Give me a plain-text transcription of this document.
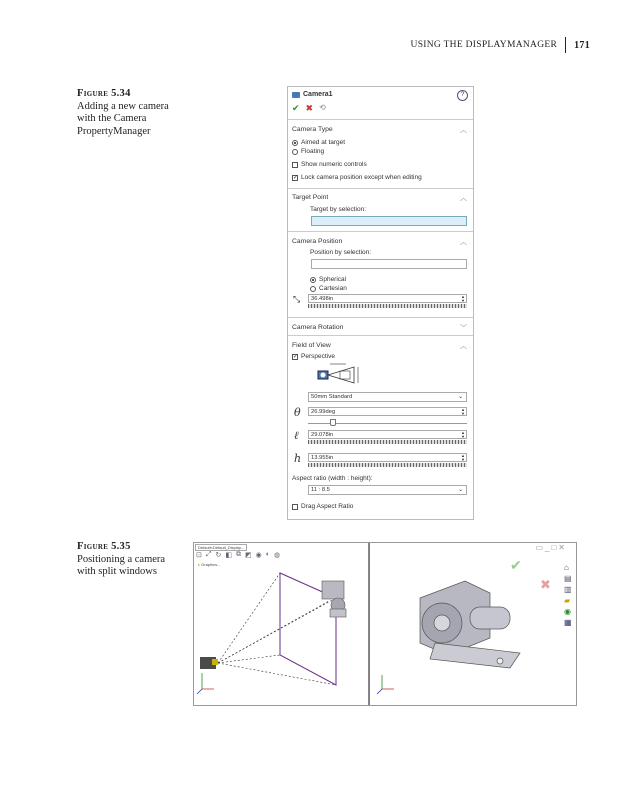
USING THE DISPLAYMANAGER 171
Figure 5.34
Adding a new camera with the Camera PropertyManager
Camera1	?
✔ ✖ ⟲
Camera Type	︿
Aimed at target
Floating
Show numeric controls
✓ Lock camera position except when editing
Target Point	︿
Target by selection:
Camera Position	︿
Position by selection:
Spherical
Cartesian
⤡	36.498in	▲
▼
Camera Rotation	﹀
Field of View	︿
✓ Perspective
50mm Standard	⌄
θ	26.99deg	▲
▼
ℓ	29.078in	▲
▼
h	13.955in	▲
▼
Aspect ratio (width : height):
11 : 8.5	⌄
Drag Aspect Ratio
Figure 5.35
Positioning a camera with split windows
Default<Default_Display...
⊡ ⤢ ↻ ◧ ⧉ ◩ ◉ ◐ ◍
▸ Graphics...
▭_□✕
✔
✖
⌂
▤
▥
▰
◉
▦
